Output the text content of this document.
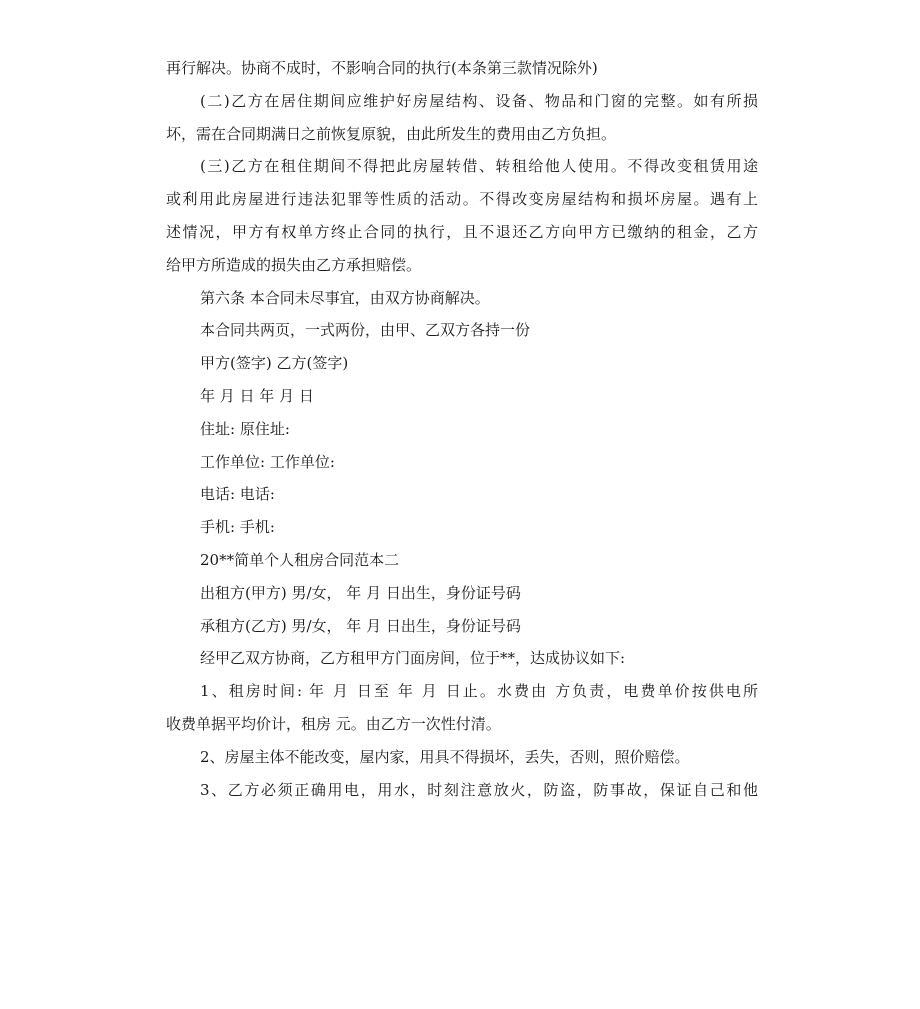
再行解决。协商不成时，不影响合同的执行(本条第三款情况除外)
(二)乙方在居住期间应维护好房屋结构、设备、物品和门窗的完整。如有所损
坏，需在合同期满日之前恢复原貌，由此所发生的费用由乙方负担。
(三)乙方在租住期间不得把此房屋转借、转租给他人使用。不得改变租赁用途
或利用此房屋进行违法犯罪等性质的活动。不得改变房屋结构和损坏房屋。遇有上
述情况，甲方有权单方终止合同的执行，且不退还乙方向甲方已缴纳的租金，乙方
给甲方所造成的损失由乙方承担赔偿。
第六条 本合同未尽事宜，由双方协商解决。
本合同共两页，一式两份，由甲、乙双方各持一份
甲方(签字) 乙方(签字)
年 月 日 年 月 日
住址: 原住址:
工作单位: 工作单位:
电话: 电话:
手机: 手机:
20**简单个人租房合同范本二
出租方(甲方) 男/女， 年 月 日出生，身份证号码
承租方(乙方) 男/女， 年 月 日出生，身份证号码
经甲乙双方协商，乙方租甲方门面房间，位于**，达成协议如下:
1、租房时间: 年 月 日至 年 月 日止。水费由 方负责，电费单价按供电所
收费单据平均价计，租房 元。由乙方一次性付清。
2、房屋主体不能改变，屋内家，用具不得损坏，丢失，否则，照价赔偿。
3、乙方必须正确用电，用水，时刻注意放火，防盗，防事故，保证自己和他
